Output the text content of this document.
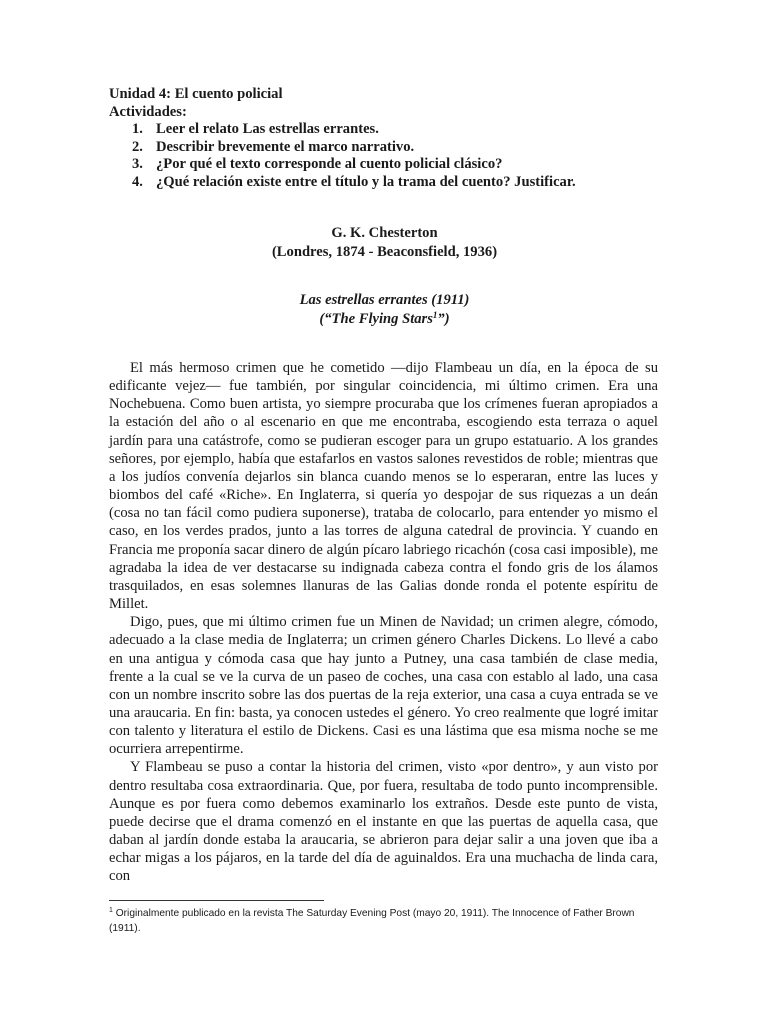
Unidad 4: El cuento policial
Actividades:
1. Leer el relato Las estrellas errantes.
2. Describir brevemente el marco narrativo.
3. ¿Por qué el texto corresponde al cuento policial clásico?
4. ¿Qué relación existe entre el título y la trama del cuento? Justificar.
G. K. Chesterton
(Londres, 1874 - Beaconsfield, 1936)
Las estrellas errantes (1911)
(“The Flying Stars$^1$”)

El más hermoso crimen que he cometido —dijo Flambeau un día, en la época de su edificante vejez— fue también, por singular coincidencia, mi último crimen. Era una Nochebuena. Como buen artista, yo siempre procuraba que los crímenes fueran apropiados a la estación del año o al escenario en que me encontraba, escogiendo esta terraza o aquel jardín para una catástrofe, como se pudieran escoger para un grupo estatuario. A los grandes señores, por ejemplo, había que estafarlos en vastos salones revestidos de roble; mientras que a los judíos convenía dejarlos sin blanca cuando menos se lo esperaran, entre las luces y biombos del café «Riche». En Inglaterra, si quería yo despojar de sus riquezas a un deán (cosa no tan fácil como pudiera suponerse), trataba de colocarlo, para entender yo mismo el caso, en los verdes prados, junto a las torres de alguna catedral de provincia. Y cuando en Francia me proponía sacar dinero de algún pícaro labriego ricachón (cosa casi imposible), me agradaba la idea de ver destacarse su indignada cabeza contra el fondo gris de los álamos trasquilados, en esas solemnes llanuras de las Galias donde ronda el potente espíritu de Millet.

Digo, pues, que mi último crimen fue un Minen de Navidad; un crimen alegre, cómodo, adecuado a la clase media de Inglaterra; un crimen género Charles Dickens. Lo llevé a cabo en una antigua y cómoda casa que hay junto a Putney, una casa también de clase media, frente a la cual se ve la curva de un paseo de coches, una casa con establo al lado, una casa con un nombre inscrito sobre las dos puertas de la reja exterior, una casa a cuya entrada se ve una araucaria. En fin: basta, ya conocen ustedes el género. Yo creo realmente que logré imitar con talento y literatura el estilo de Dickens. Casi es una lástima que esa misma noche se me ocurriera arrepentirme.

Y Flambeau se puso a contar la historia del crimen, visto «por dentro», y aun visto por dentro resultaba cosa extraordinaria. Que, por fuera, resultaba de todo punto incomprensible. Aunque es por fuera como debemos examinarlo los extraños. Desde este punto de vista, puede decirse que el drama comenzó en el instante en que las puertas de aquella casa, que daban al jardín donde estaba la araucaria, se abrieron para dejar salir a una joven que iba a echar migas a los pájaros, en la tarde del día de aguinaldos. Era una muchacha de linda cara, con

$^1$ Originalmente publicado en la revista The Saturday Evening Post (mayo 20, 1911). The Innocence of Father Brown (1911).
